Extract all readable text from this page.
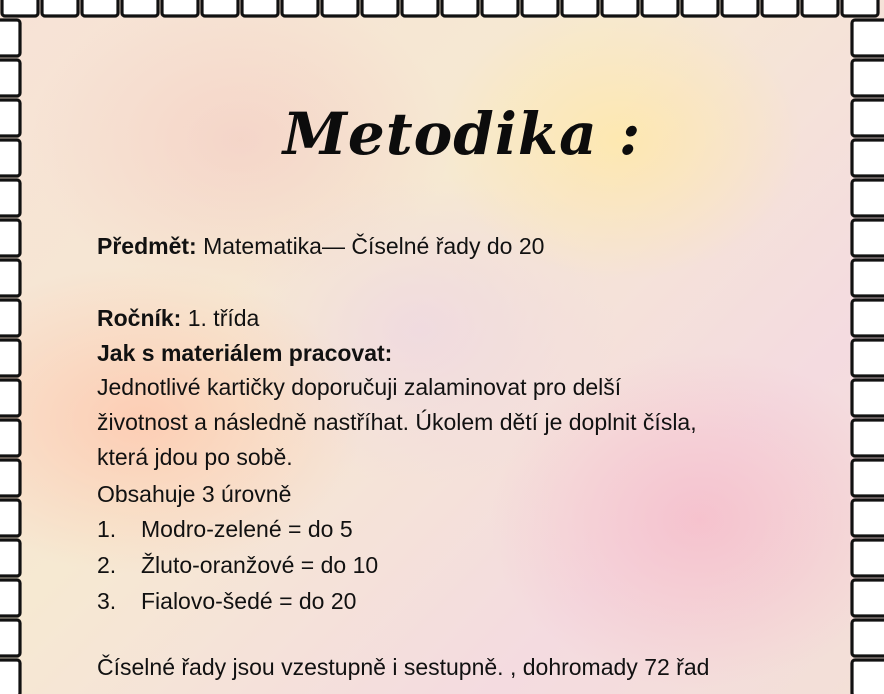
Metodika :
Předmět: Matematika— Číselné řady do 20
Ročník: 1. třída
Jak s materiálem pracovat:
Jednotlivé kartičky doporučuji zalaminovat pro delší
životnost a následně nastříhat. Úkolem dětí je doplnit čísla,
která jdou po sobě.
Obsahuje 3 úrovně
1. Modro-zelené = do 5
2. Žluto-oranžové = do 10
3. Fialovo-šedé = do 20
Číselné řady jsou vzestupně i sestupně. , dohromady 72 řad
